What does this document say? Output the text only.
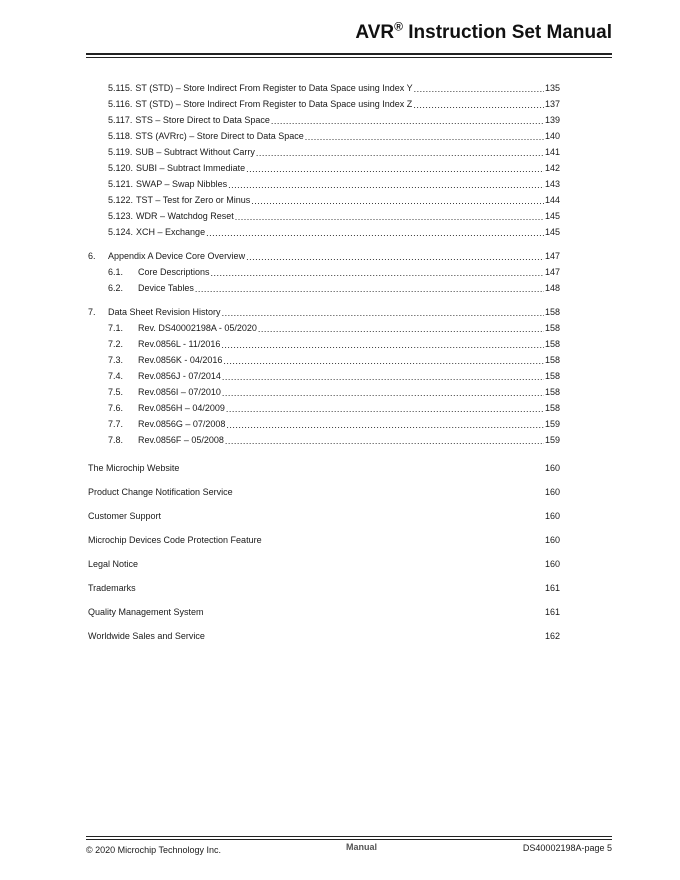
AVR® Instruction Set Manual
5.115. ST (STD) – Store Indirect From Register to Data Space using Index Y .....	135
5.116. ST (STD) – Store Indirect From Register to Data Space using Index Z .....	137
5.117. STS – Store Direct to Data Space .....	139
5.118. STS (AVRrc) – Store Direct to Data Space .....	140
5.119. SUB – Subtract Without Carry .....	141
5.120. SUBI – Subtract Immediate .....	142
5.121. SWAP – Swap Nibbles .....	143
5.122. TST – Test for Zero or Minus .....	144
5.123. WDR – Watchdog Reset .....	145
5.124. XCH – Exchange .....	145
6.	Appendix A Device Core Overview .....	147
6.1.	Core Descriptions .....	147
6.2.	Device Tables .....	148
7.	Data Sheet Revision History .....	158
7.1.	Rev. DS40002198A - 05/2020 .....	158
7.2.	Rev.0856L - 11/2016 .....	158
7.3.	Rev.0856K - 04/2016 .....	158
7.4.	Rev.0856J - 07/2014 .....	158
7.5.	Rev.0856I – 07/2010 .....	158
7.6.	Rev.0856H – 04/2009 .....	158
7.7.	Rev.0856G – 07/2008 .....	159
7.8.	Rev.0856F – 05/2008 .....	159
The Microchip Website .....	160
Product Change Notification Service .....	160
Customer Support .....	160
Microchip Devices Code Protection Feature .....	160
Legal Notice .....	160
Trademarks .....	161
Quality Management System .....	161
Worldwide Sales and Service .....	162
© 2020 Microchip Technology Inc.	Manual	DS40002198A-page 5
